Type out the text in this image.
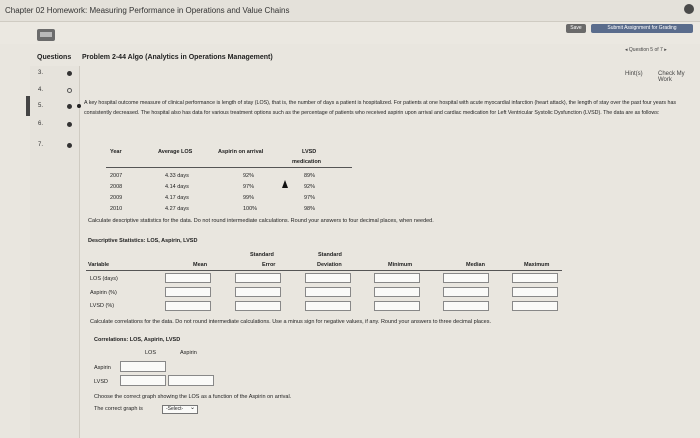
Chapter 02 Homework: Measuring Performance in Operations and Value Chains
Save	Submit Assignment for Grading
◂ Question 5 of 7 ▸
Questions Problem 2-44 Algo (Analytics in Operations Management)
3.
4.
5.
6.
7.
Hint(s)	Check My Work

A key hospital outcome measure of clinical performance is length of stay (LOS), that is, the number of days a patient is hospitalized. For patients at one hospital with acute myocardial infarction (heart attack), the length of stay over the past four years has consistently decreased. The hospital also has data for various treatment options such as the percentage of patients who received aspirin upon arrival and cardiac medication for Left Ventricular Systolic Dysfunction (LVSD). The data are as follows:

Year	Average LOS	Aspirin on arrival	LVSD
medication
2007	4.33 days	92%	89%
2008	4.14 days	97%	92%
2009	4.17 days	99%	97%
2010	4.27 days	100%	98%
Calculate descriptive statistics for the data. Do not round intermediate calculations. Round your answers to four decimal places, when needed.
Descriptive Statistics: LOS, Aspirin, LVSD
Standard	Standard
Variable	Mean	Error	Deviation	Minimum	Median	Maximum
LOS (days)
Aspirin (%)
LVSD (%)
Calculate correlations for the data. Do not round intermediate calculations. Use a minus sign for negative values, if any. Round your answers to three decimal places.
Correlations: LOS, Aspirin, LVSD
LOS	Aspirin
Aspirin
LVSD
Choose the correct graph showing the LOS as a function of the Aspirin on arrival.
The correct graph is	-Select- ⌄
